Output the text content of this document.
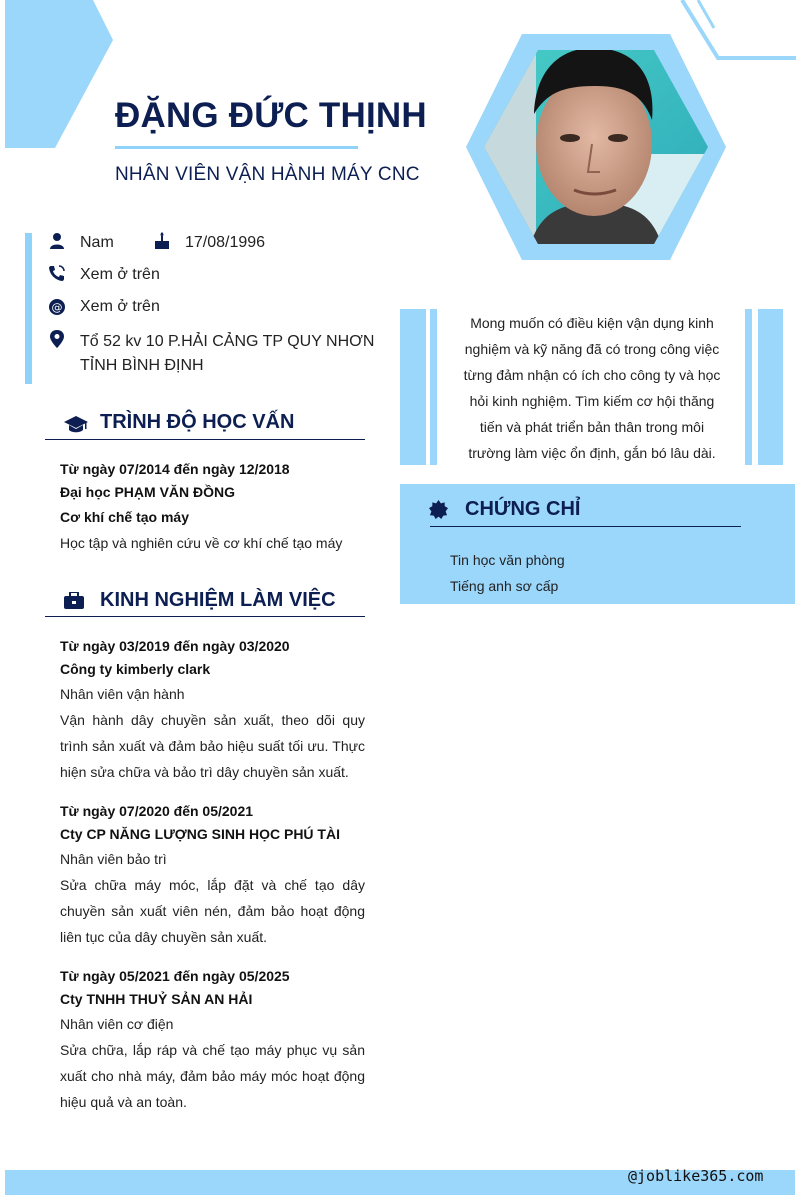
ĐẶNG ĐỨC THỊNH
NHÂN VIÊN VẬN HÀNH MÁY CNC
Nam	17/08/1996
Xem ở trên
@ Xem ở trên
Tổ 52 kv 10 P.HẢI CẢNG TP QUY NHƠN TỈNH BÌNH ĐỊNH
TRÌNH ĐỘ HỌC VẤN
Từ ngày 07/2014 đến ngày 12/2018
Đại học PHẠM VĂN ĐỒNG
Cơ khí chế tạo máy
Học tập và nghiên cứu về cơ khí chế tạo máy
KINH NGHIỆM LÀM VIỆC
Từ ngày 03/2019 đến ngày 03/2020
Công ty kimberly clark
Nhân viên vận hành
Vận hành dây chuyền sản xuất, theo dõi quy trình sản xuất và đảm bảo hiệu suất tối ưu. Thực hiện sửa chữa và bảo trì dây chuyền sản xuất.
Từ ngày 07/2020 đến 05/2021
Cty CP NĂNG LƯỢNG SINH HỌC PHÚ TÀI
Nhân viên bảo trì
Sửa chữa máy móc, lắp đặt và chế tạo dây chuyền sản xuất viên nén, đảm bảo hoạt động liên tục của dây chuyền sản xuất.
Từ ngày 05/2021 đến ngày 05/2025
Cty TNHH THUỶ SẢN AN HẢI
Nhân viên cơ điện
Sửa chữa, lắp ráp và chế tạo máy phục vụ sản xuất cho nhà máy, đảm bảo máy móc hoạt động hiệu quả và an toàn.
Mong muốn có điều kiện vận dụng kinh nghiệm và kỹ năng đã có trong công việc từng đảm nhận có ích cho công ty và học hỏi kinh nghiệm. Tìm kiếm cơ hội thăng tiến và phát triển bản thân trong môi trường làm việc ổn định, gắn bó lâu dài.
CHỨNG CHỈ
Tin học văn phòng
Tiếng anh sơ cấp
@joblike365.com
